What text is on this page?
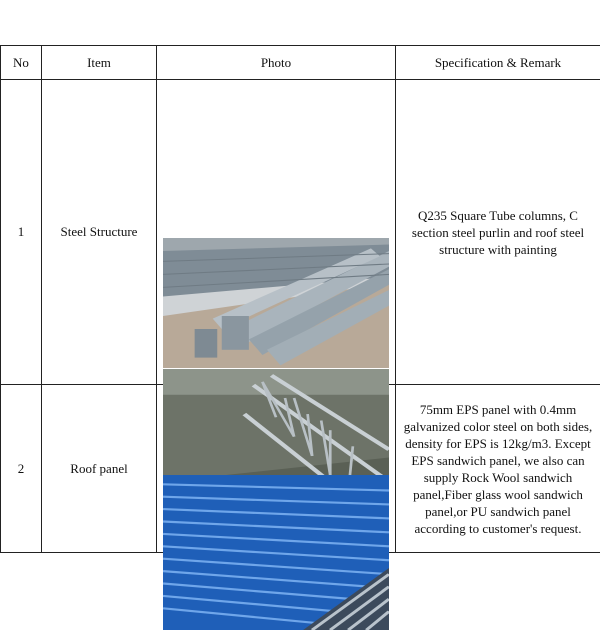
No	Item	Photo	Specification & Remark
1	Steel Structure		Q235 Square Tube columns, C section steel purlin and roof steel structure with painting

2	Roof panel		75mm EPS panel with 0.4mm galvanized color steel on both sides, density for EPS is 12kg/m3. Except EPS sandwich panel, we also can supply Rock Wool sandwich panel,Fiber glass wool sandwich panel,or PU sandwich panel according to customer's request.
